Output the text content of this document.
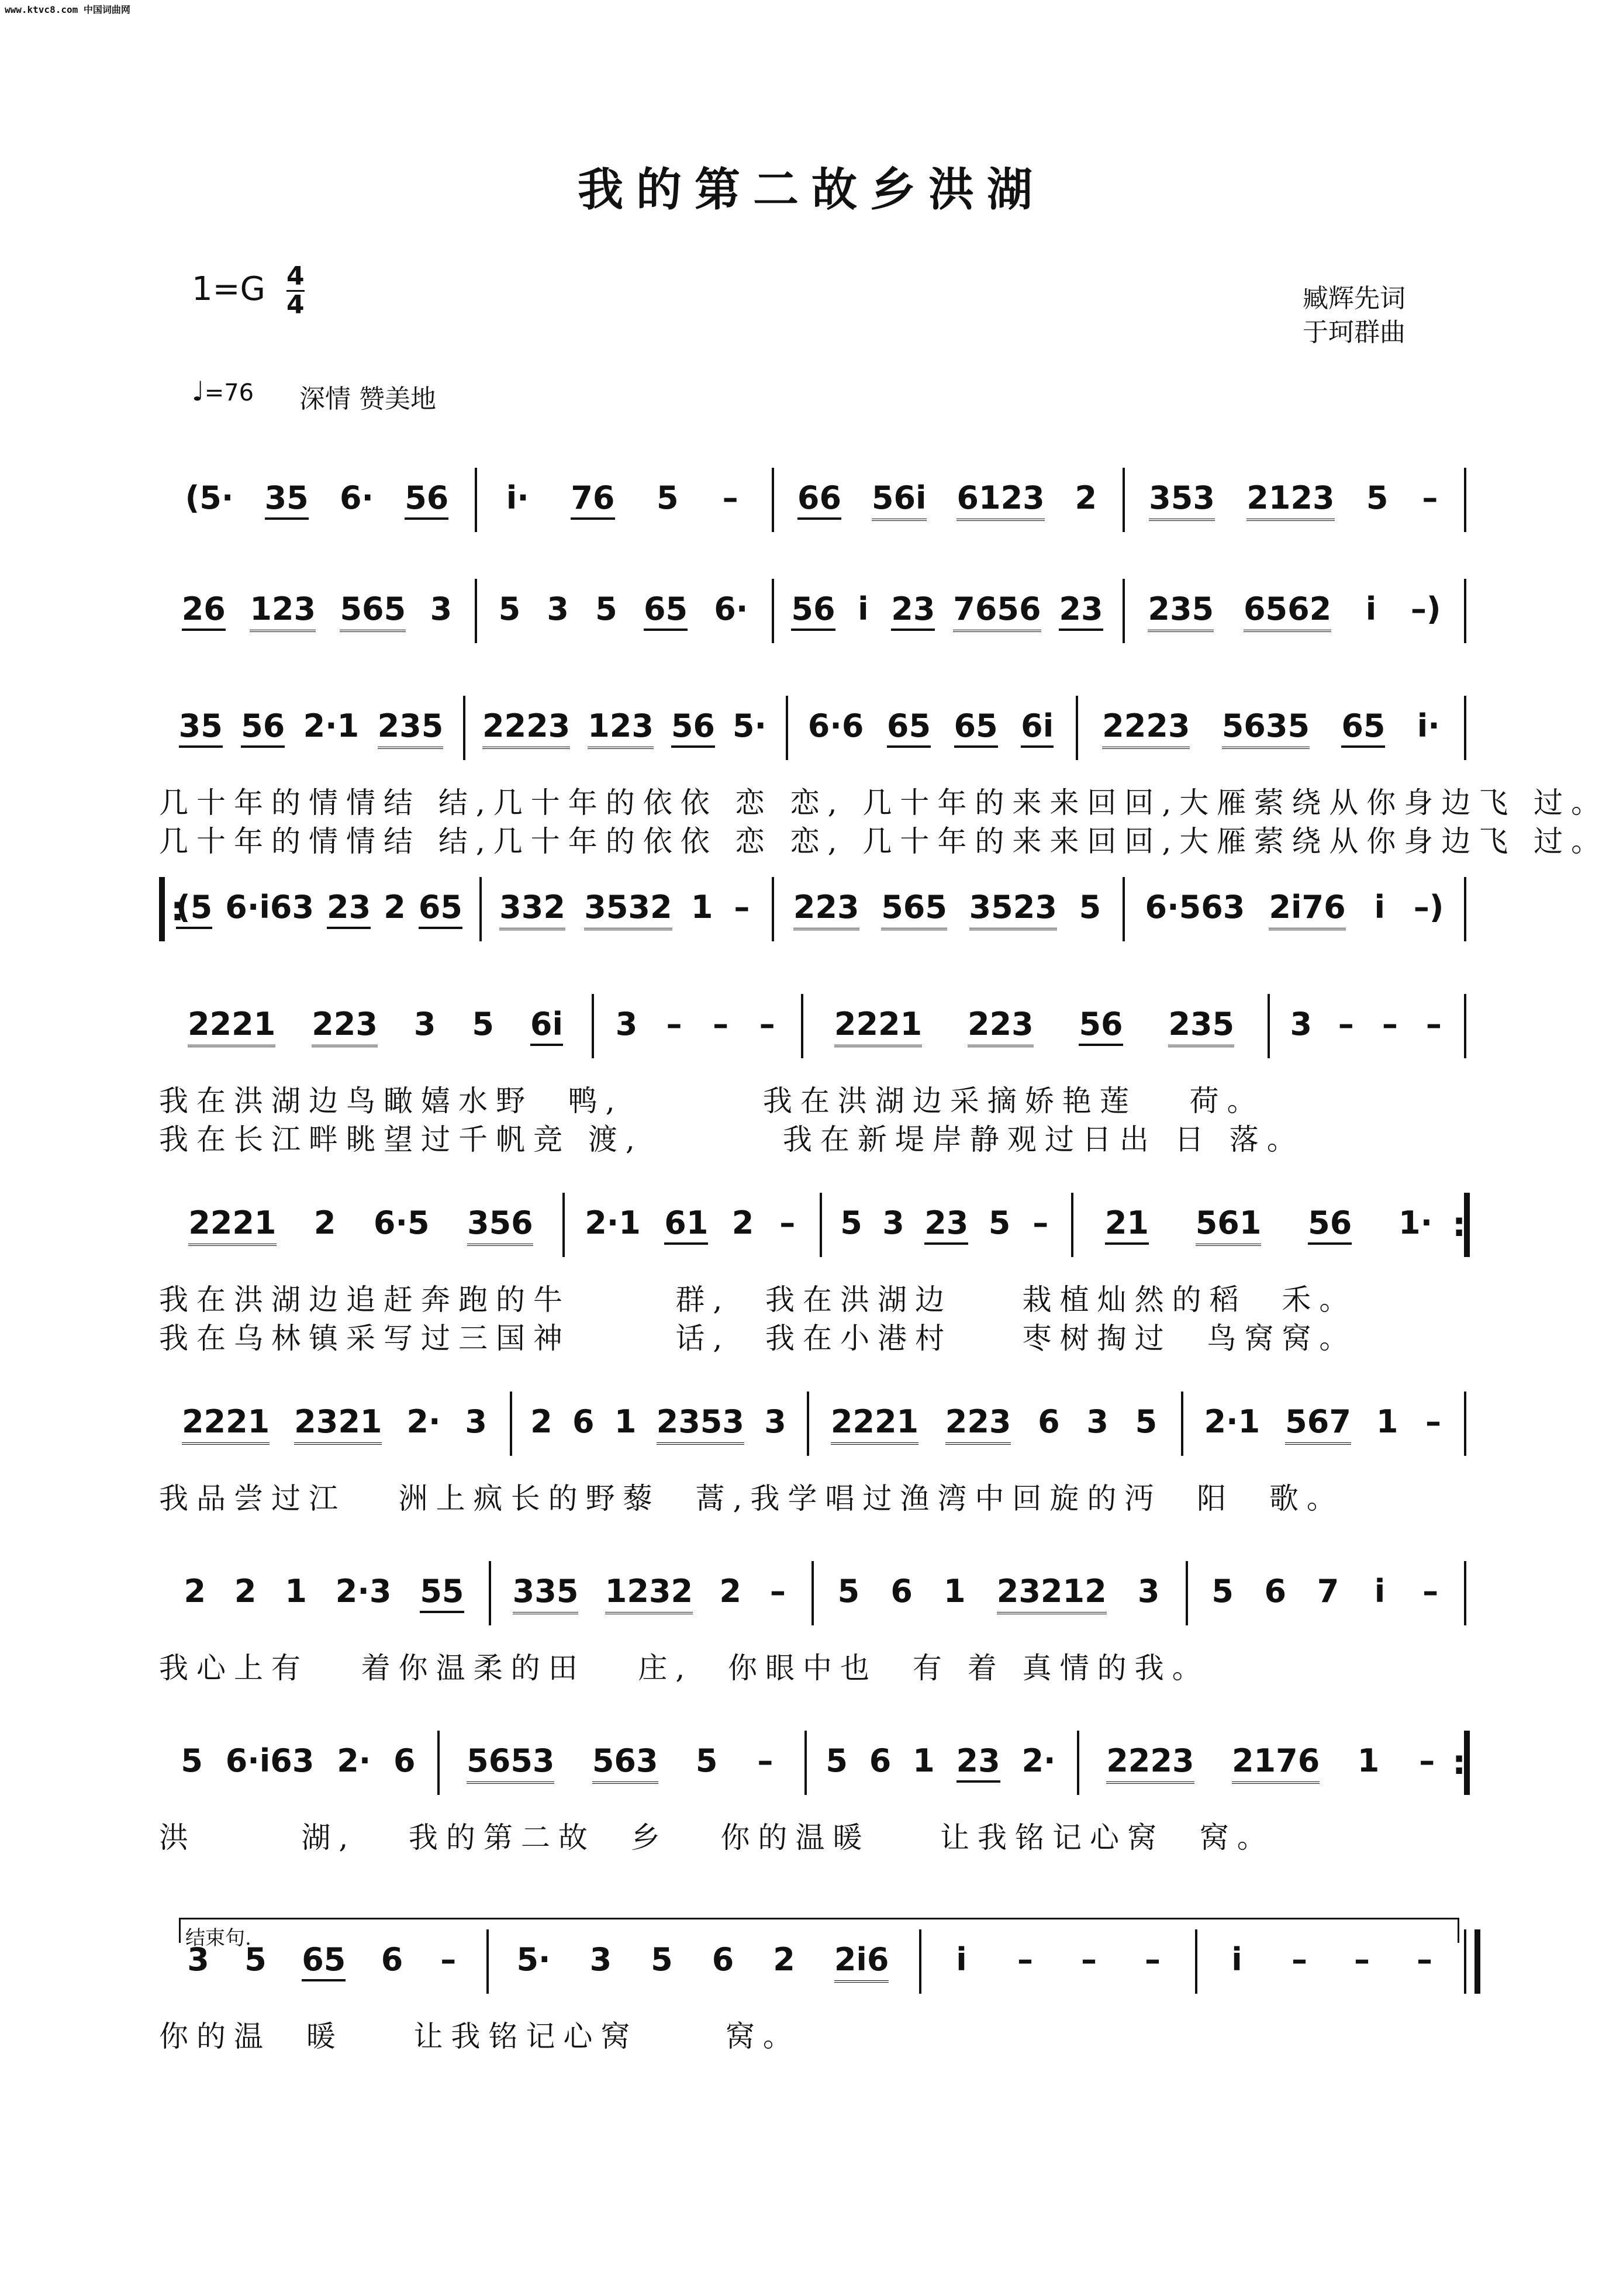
www.ktvc8.com 中国词曲网
我的第二故乡洪湖
1=G 4
4	臧辉先词
于珂群曲
♩=76 深情 赞美地
结束句.
(5· 35 6· 56 i· 76 5 – 66 56i 6123 2 353 2123 5 –
26 123 565 3 5 3 5 65 6· 56 i 23 7656 23 235 6562 i –)
35 56 2·1 235 2223 123 56 5· 6·6 65 65 6i 2223 5635 65 i·
几十年的情情结 结,几十年的依依 恋 恋, 几十年的来来回回,大雁萦绕从你身边飞 过。
几十年的情情结 结,几十年的依依 恋 恋, 几十年的来来回回,大雁萦绕从你身边飞 过。
(5 6·i63 23 2 65 332 3532 1 – 223 565 3523 5 6·563 2i76 i –)
:
2221 223 3 5 6i 3 – – – 2221 223 56 235 3 – – –
我在洪湖边鸟瞰嬉水野  鸭,        我在洪湖边采摘娇艳莲   荷。
我在长江畔眺望过千帆竞 渡,        我在新堤岸静观过日出 日 落。
2221 2 6·5 356 2·1 61 2 – 5 3 23 5 – 21 561 56 1·
:
我在洪湖边追赶奔跑的牛      群,  我在洪湖边    栽植灿然的稻  禾。
我在乌林镇采写过三国神      话,  我在小港村    枣树掏过  鸟窝窝。
2221 2321 2· 3 2 6 1 2353 3 2221 223 6 3 5 2·1 567 1 –
我品尝过江   洲上疯长的野藜  蒿,我学唱过渔湾中回旋的沔  阳  歌。
2 2 1 2·3 55 335 1232 2 – 5 6 1 23212 3 5 6 7 i –
我心上有   着你温柔的田   庄,  你眼中也  有 着 真情的我。
5 6·i63 2· 6 5653 563 5 – 5 6 1 23 2· 2223 2176 1 –
:
洪      湖,   我的第二故  乡   你的温暖    让我铭记心窝  窝。
3 5 65 6 – 5· 3 5 6 2 2i6 i – – – i – – –
你的温  暖    让我铭记心窝     窝。
